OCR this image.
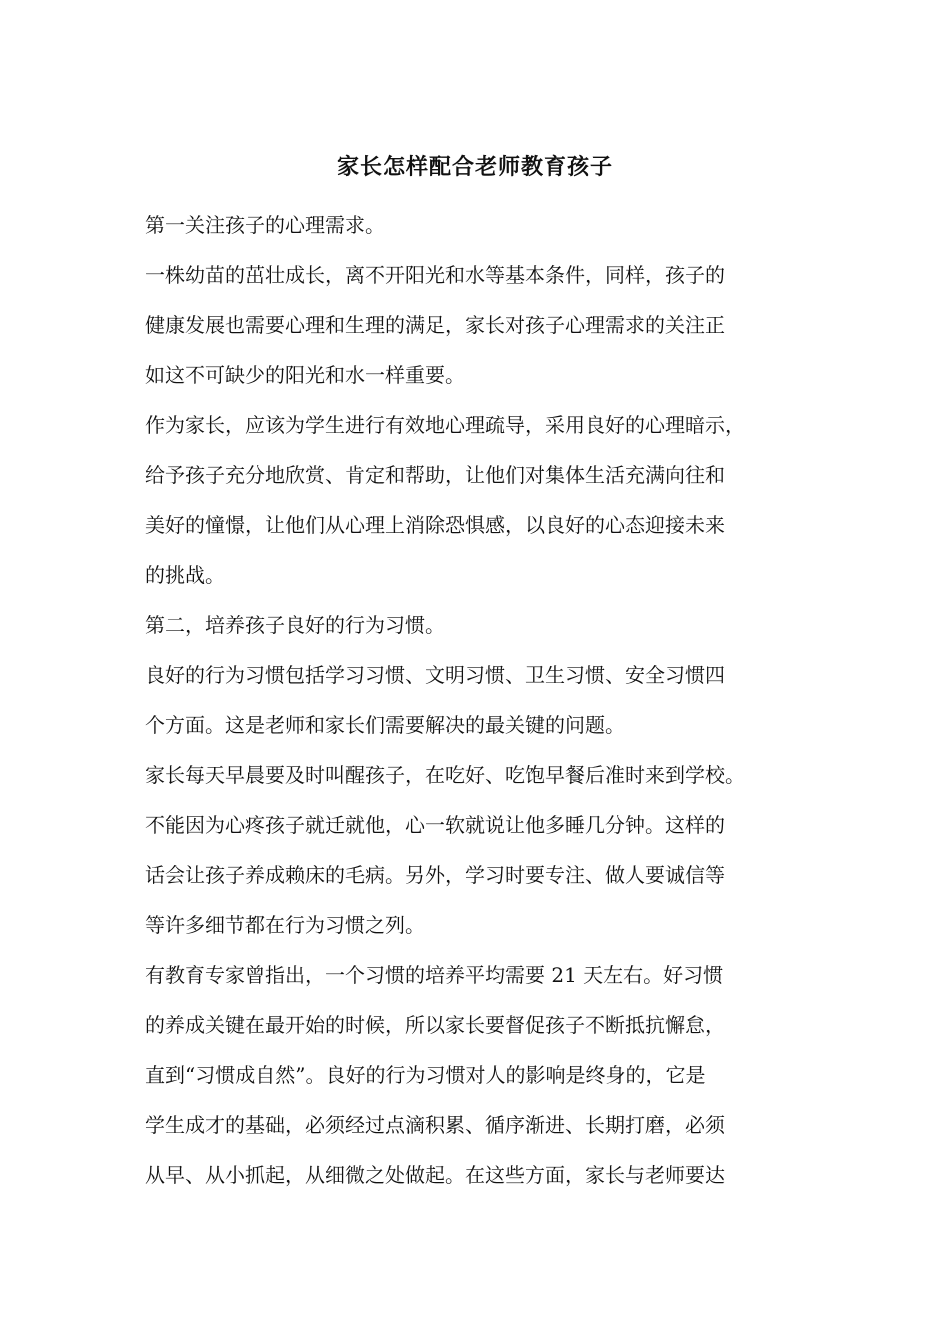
家长怎样配合老师教育孩子

第一关注孩子的心理需求。

一株幼苗的茁壮成长，离不开阳光和水等基本条件，同样，孩子的

健康发展也需要心理和生理的满足，家长对孩子心理需求的关注正

如这不可缺少的阳光和水一样重要。

作为家长，应该为学生进行有效地心理疏导，采用良好的心理暗示，

给予孩子充分地欣赏、肯定和帮助，让他们对集体生活充满向往和

美好的憧憬，让他们从心理上消除恐惧感，以良好的心态迎接未来

的挑战。

第二，培养孩子良好的行为习惯。

良好的行为习惯包括学习习惯、文明习惯、卫生习惯、安全习惯四

个方面。这是老师和家长们需要解决的最关键的问题。

家长每天早晨要及时叫醒孩子，在吃好、吃饱早餐后准时来到学校。

不能因为心疼孩子就迁就他，心一软就说让他多睡几分钟。这样的

话会让孩子养成赖床的毛病。另外，学习时要专注、做人要诚信等

等许多细节都在行为习惯之列。

有教育专家曾指出，一个习惯的培养平均需要 21 天左右。好习惯

的养成关键在最开始的时候，所以家长要督促孩子不断抵抗懈怠，

直到“习惯成自然”。良好的行为习惯对人的影响是终身的，它是

学生成才的基础，必须经过点滴积累、循序渐进、长期打磨，必须

从早、从小抓起，从细微之处做起。在这些方面，家长与老师要达
